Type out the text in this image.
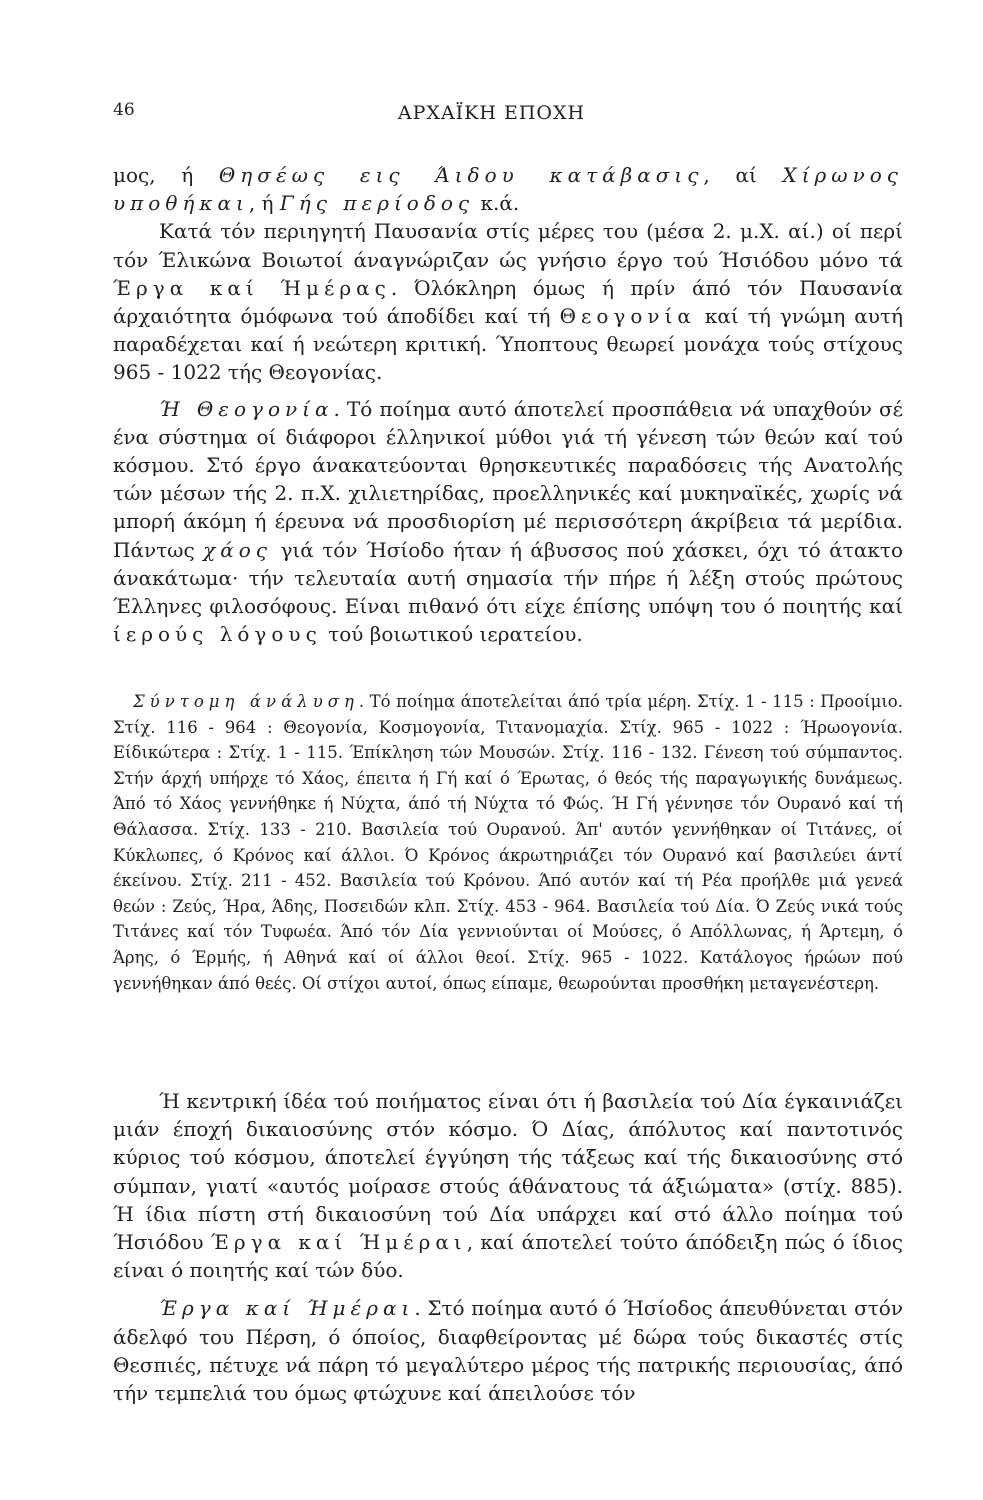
46	ΑΡΧΑΪΚΗ ΕΠΟΧΗ

μος, ή Θησέως εις Άιδου κατάβασις, αί Χίρωνος υποθήκαι, ή Γής περίοδος κ.ά.

Κατά τόν περιηγητή Παυσανία στίς μέρες του (μέσα 2. μ.Χ. αί.) οί περί τόν Έλικώνα Βοιωτοί άναγνώριζαν ώς γνήσιο έργο τού Ήσιόδου μόνο τά Έργα καί Ήμέρας. Όλόκληρη όμως ή πρίν άπό τόν Παυσανία άρχαιότητα όμόφωνα τού άποδίδει καί τή Θεογονία καί τή γνώμη αυτή παραδέχεται καί ή νεώτερη κριτική. Ύποπτους θεωρεί μονάχα τούς στίχους 965 - 1022 τής Θεογονίας.

Ή Θεογονία. Τό ποίημα αυτό άποτελεί προσπάθεια νά υπαχθούν σέ ένα σύστημα οί διάφοροι έλληνικοί μύθοι γιά τή γένεση τών θεών καί τού κόσμου. Στό έργο άνακατεύονται θρησκευτικές παραδόσεις τής Ανατολής τών μέσων τής 2. π.Χ. χιλιετηρίδας, προελληνικές καί μυκηναϊκές, χωρίς νά μπορή άκόμη ή έρευνα νά προσδιορίση μέ περισσότερη άκρίβεια τά μερίδια. Πάντως χάος γιά τόν Ήσίοδο ήταν ή άβυσσος πού χάσκει, όχι τό άτακτο άνακάτωμα· τήν τελευταία αυτή σημασία τήν πήρε ή λέξη στούς πρώτους Έλληνες φιλοσόφους. Είναι πιθανό ότι είχε έπίσης υπόψη του ό ποιητής καί ίερούς λόγους τού βοιωτικού ιερατείου.

Σύντομη άνάλυση. Τό ποίημα άποτελείται άπό τρία μέρη. Στίχ. 1 - 115 : Προοίμιο. Στίχ. 116 - 964 : Θεογονία, Κοσμογονία, Τιτανομαχία. Στίχ. 965 - 1022 : Ήρωογονία. Είδικώτερα : Στίχ. 1 - 115. Έπίκληση τών Μουσών. Στίχ. 116 - 132. Γένεση τού σύμπαντος. Στήν άρχή υπήρχε τό Χάος, έπειτα ή Γή καί ό Έρωτας, ό θεός τής παραγωγικής δυνάμεως. Άπό τό Χάος γεννήθηκε ή Νύχτα, άπό τή Νύχτα τό Φώς. Ή Γή γέννησε τόν Ουρανό καί τή Θάλασσα. Στίχ. 133 - 210. Βασιλεία τού Ουρανού. Άπ' αυτόν γεννήθηκαν οί Τιτάνες, οί Κύκλωπες, ό Κρόνος καί άλλοι. Ό Κρόνος άκρωτηριάζει τόν Ουρανό καί βασιλεύει άντί έκείνου. Στίχ. 211 - 452. Βασιλεία τού Κρόνου. Άπό αυτόν καί τή Ρέα προήλθε μιά γενεά θεών : Ζεύς, Ήρα, Άδης, Ποσειδών κλπ. Στίχ. 453 - 964. Βασιλεία τού Δία. Ό Ζεύς νικά τούς Τιτάνες καί τόν Τυφωέα. Άπό τόν Δία γεννιούνται οί Μούσες, ό Απόλλωνας, ή Άρτεμη, ό Άρης, ό Έρμής, ή Αθηνά καί οί άλλοι θεοί. Στίχ. 965 - 1022. Κατάλογος ήρώων πού γεννήθηκαν άπό θεές. Οί στίχοι αυτοί, όπως είπαμε, θεωρούνται προσθήκη μεταγενέστερη.

Ή κεντρική ίδέα τού ποιήματος είναι ότι ή βασιλεία τού Δία έγκαινιάζει μιάν έποχή δικαιοσύνης στόν κόσμο. Ό Δίας, άπόλυτος καί παντοτινός κύριος τού κόσμου, άποτελεί έγγύηση τής τάξεως καί τής δικαιοσύνης στό σύμπαν, γιατί «αυτός μοίρασε στούς άθάνατους τά άξιώματα» (στίχ. 885). Ή ίδια πίστη στή δικαιοσύνη τού Δία υπάρχει καί στό άλλο ποίημα τού Ήσιόδου Έργα καί Ήμέραι, καί άποτελεί τούτο άπόδειξη πώς ό ίδιος είναι ό ποιητής καί τών δύο.

Έργα καί Ήμέραι. Στό ποίημα αυτό ό Ήσίοδος άπευθύνεται στόν άδελφό του Πέρση, ό όποίος, διαφθείροντας μέ δώρα τούς δικαστές στίς Θεσπιές, πέτυχε νά πάρη τό μεγαλύτερο μέρος τής πατρικής περιουσίας, άπό τήν τεμπελιά του όμως φτώχυνε καί άπειλούσε τόν
